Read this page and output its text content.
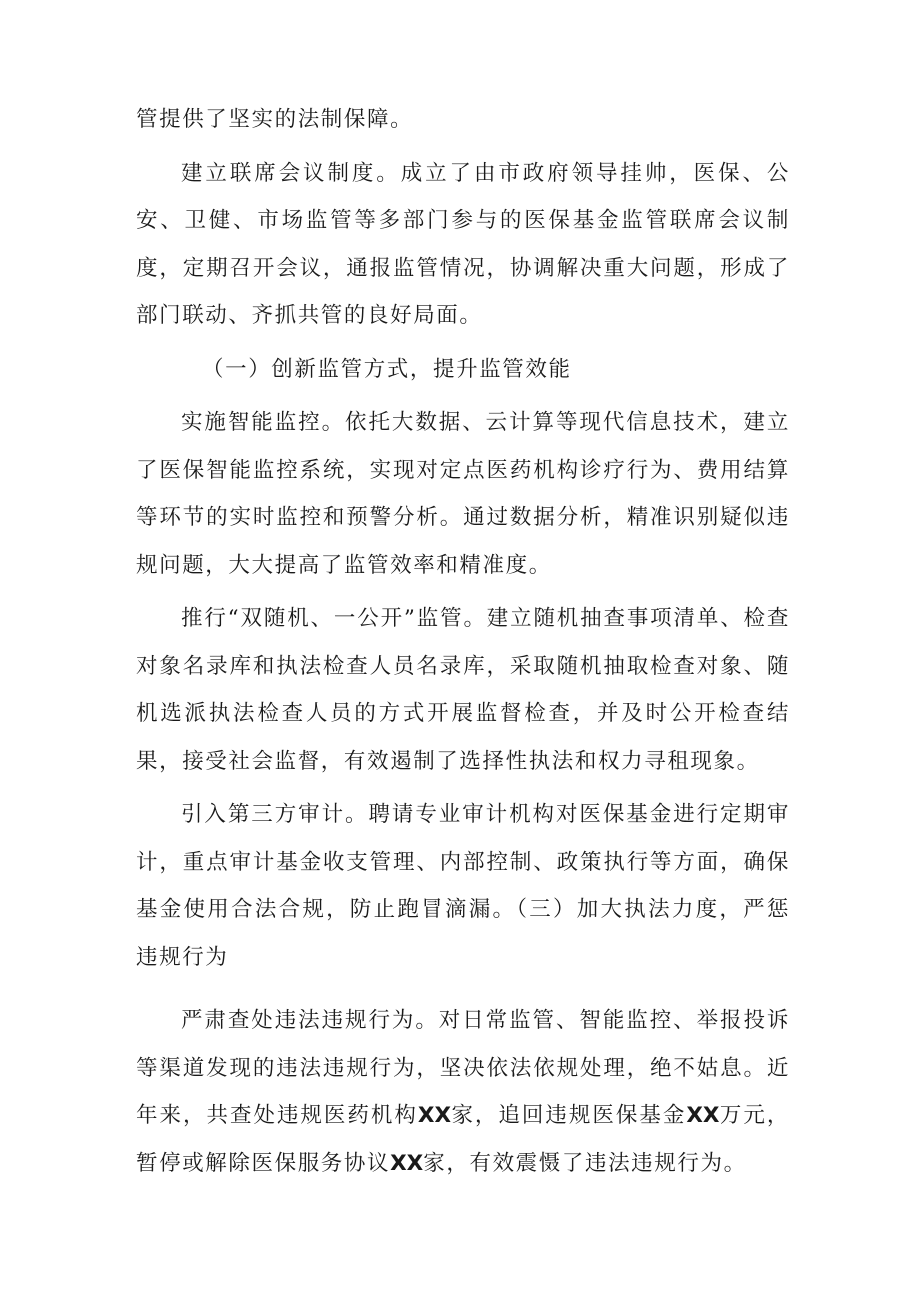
管提供了坚实的法制保障。

建立联席会议制度。成立了由市政府领导挂帅，医保、公安、卫健、市场监管等多部门参与的医保基金监管联席会议制度，定期召开会议，通报监管情况，协调解决重大问题，形成了部门联动、齐抓共管的良好局面。

（一）创新监管方式，提升监管效能

实施智能监控。依托大数据、云计算等现代信息技术，建立了医保智能监控系统，实现对定点医药机构诊疗行为、费用结算等环节的实时监控和预警分析。通过数据分析，精准识别疑似违规问题，大大提高了监管效率和精准度。

推行“双随机、一公开”监管。建立随机抽查事项清单、检查对象名录库和执法检查人员名录库，采取随机抽取检查对象、随机选派执法检查人员的方式开展监督检查，并及时公开检查结果，接受社会监督，有效遏制了选择性执法和权力寻租现象。

引入第三方审计。聘请专业审计机构对医保基金进行定期审计，重点审计基金收支管理、内部控制、政策执行等方面，确保基金使用合法合规，防止跑冒滴漏。（三）加大执法力度，严惩违规行为

严肃查处违法违规行为。对日常监管、智能监控、举报投诉等渠道发现的违法违规行为，坚决依法依规处理，绝不姑息。近年来，共查处违规医药机构XX家，追回违规医保基金XX万元，暂停或解除医保服务协议XX家，有效震慑了违法违规行为。
